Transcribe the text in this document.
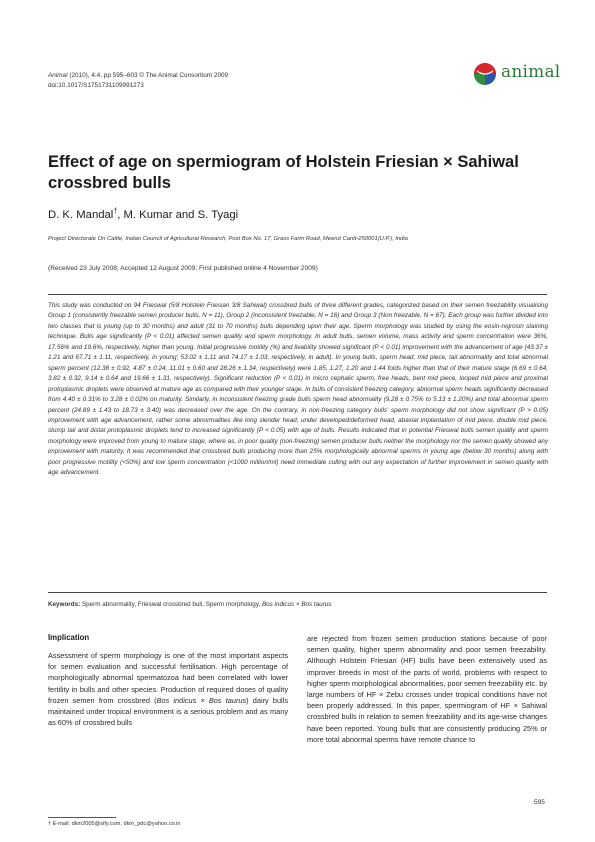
Animal (2010), 4:4, pp 595–603 © The Animal Consortium 2009
doi:10.1017/S1751731109991273
animal
Effect of age on spermiogram of Holstein Friesian × Sahiwal crossbred bulls
D. K. Mandal†, M. Kumar and S. Tyagi
Project Directorate On Cattle, Indian Council of Agricultural Research, Post Box No. 17, Grass Farm Road, Meerut Cantt-250001(U.P.), India
(Received 23 July 2008; Accepted 12 August 2009; First published online 4 November 2009)

This study was conducted on 94 Frieswal (5/8 Holstein Friesian 3/8 Sahiwal) crossbred bulls of three different grades, categorized based on their semen freezability visualising Group 1 (consistently freezable semen producer bulls, N = 11), Group 2 (inconsistent freezable, N = 16) and Group 3 (Non freezable, N = 67). Each group was further divided into two classes that is young (up to 30 months) and adult (31 to 70 months) bulls depending upon their age. Sperm morphology was studied by using the eosin-nigrosin staining technique. Bulls age significantly (P < 0.01) affected semen quality and sperm morphology. In adult bulls, semen volume, mass activity and sperm concentration were 36%, 17.56% and 19.6%, respectively, higher than young. Initial progressive motility (%) and livability showed significant (P < 0.01) improvement with the advancement of age (43.37 ± 1.21 and 67.71 ± 1.11, respectively, in young; 53.02 ± 1.11 and 74.17 ± 1.03, respectively, in adult). In young bulls, sperm head, mid piece, tail abnormality and total abnormal sperm percent (12.38 ± 0.92, 4.87 ± 0.24, 11.01 ± 0.60 and 28.26 ± 1.34, respectively) were 1.85, 1.27, 1.20 and 1.44 folds higher than that of their mature stage (6.69 ± 0.64, 3.82 ± 0.32, 9.14 ± 0.64 and 19.66 ± 1.31, respectively). Significant reduction (P < 0.01) in micro cephalic sperm, free heads, bent mid piece, looped mid piece and proximal protoplasmic droplets were observed at mature age as compared with their younger stage. In bulls of consistent freezing category, abnormal sperm heads significantly decreased from 4.40 ± 0.31% to 3.28 ± 0.02% on maturity. Similarly, in inconsistent freezing grade bulls sperm head abnormality (9.28 ± 0.75% to 5.13 ± 1.20%) and total abnormal sperm percent (24.89 ± 1.43 to 18.73 ± 3.40) was decreased over the age. On the contrary, in non-freezing category bulls' sperm morphology did not show significant (P > 0.05) improvement with age advancement, rather some abnormalities like long slender head, under developed/deformed head, abaxial implantation of mid piece, double mid piece, stump tail and distal protoplasmic droplets tend to increased significantly (P < 0.05) with age of bulls. Results indicated that in potential Frieswal bulls semen quality and sperm morphology were improved from young to mature stage, where as, in poor quality (non-freezing) semen producer bulls neither the morphology nor the semen quality showed any improvement with maturity. It was recommended that crossbred bulls producing more than 25% morphologically abnormal sperms in young age (below 30 months) along with poor progressive motility (<50%) and low sperm concentration (<1000 million/ml) need immediate culling with out any expectation of further improvement in semen quality with age advancement.

Keywords: Sperm abnormality, Frieswal crossbred bull, Sperm morphology, Bos indicus × Bos taurus
Implication

Assessment of sperm morphology is one of the most important aspects for semen evaluation and successful fertilisation. High percentage of morphologically abnormal spermatozoa had been correlated with lower fertility in bulls and other species. Production of required doses of quality frozen semen from crossbred (Bos indicus × Bos taurus) dairy bulls maintained under tropical environment is a serious problem and as many as 60% of crossbred bulls

are rejected from frozen semen production stations because of poor semen quality, higher sperm abnormality and poor semen freezability. Although Holstein Friesian (HF) bulls have been extensively used as improver breeds in most of the parts of world, problems with respect to higher sperm morphological abnormalities, poor semen freezability etc. by large numbers of HF × Zebu crosses under tropical conditions have not been properly addressed. In this paper, spermiogram of HF × Sahiwal crossbred bulls in relation to semen freezability and its age-wise changes have been reported. Young bulls that are consistently producing 25% or more total abnormal sperms have remote chance to

† E-mail: dkm2005@sify.com, dkm_pdc@yahoo.co.in
595
